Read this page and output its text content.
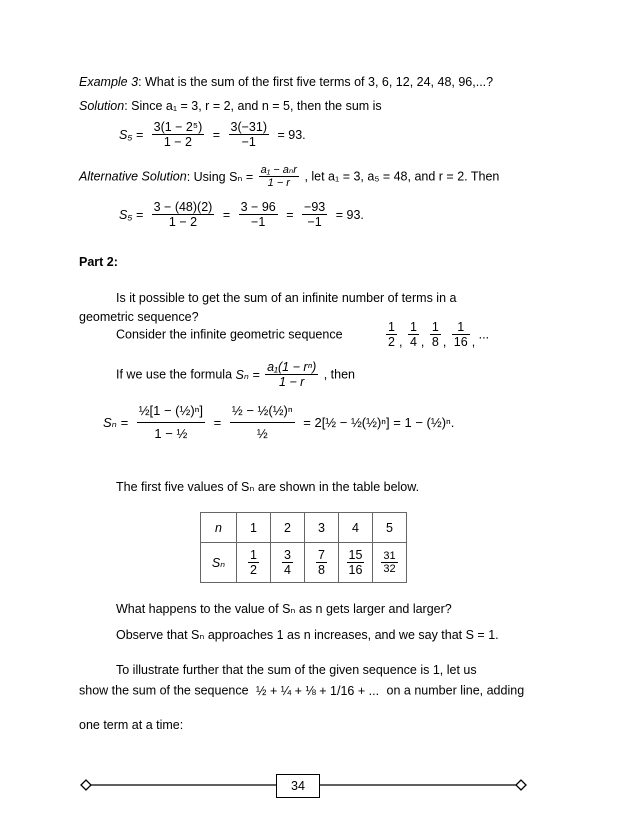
Example 3: What is the sum of the first five terms of 3, 6, 12, 24, 48, 96,...?
Solution: Since a₁ = 3, r = 2, and n = 5, then the sum is
$S_5 = \frac{\text{3(1 − 2⁵)}}{1 - 2} = \frac{3(-31)}{-1} = 93$.
Alternative Solution: Using $S_n = \frac{\text{a₁ − aₙr}}{1 - r}$ , let a₁ = 3, a₅ = 48, and r = 2. Then
$S_5 = \frac{3 - (48)(2)}{1 - 2} = \frac{3 - 96}{-1} = \frac{-93}{-1} = 93$.
Part 2:
Is it possible to get the sum of an infinite number of terms in a
geometric sequence?
Consider the infinite geometric sequence	$\frac{1}{2}$ , $\frac{1}{4}$ , $\frac{1}{8}$ , $\frac{1}{16}$ , ...
If we use the formula $S_n = \frac{\text{a₁(1 − rⁿ)}}{1 - r}$ , then
$S_n = \frac{\text{½[1 − (½)ⁿ]}}{\text{1 − ½}} = \frac{\text{½ − ½(½)ⁿ}}{\text{½}}$ = 2[½ − ½(½)ⁿ] = 1 − (½)ⁿ.
The first five values of Sₙ are shown in the table below.
n	1	2	3	4	5
Sₙ	$\frac{1}{2}$	$\frac{3}{4}$	$\frac{7}{8}$	$\frac{15}{16}$	$\frac{31}{32}$
What happens to the value of Sₙ as n gets larger and larger?
Observe that Sₙ approaches 1 as n increases, and we say that S = 1.
To illustrate further that the sum of the given sequence is 1, let us
show the sum of the sequence ½ + ¼ + ⅛ + 1/16 + ... on a number line, adding
one term at a time:
34
